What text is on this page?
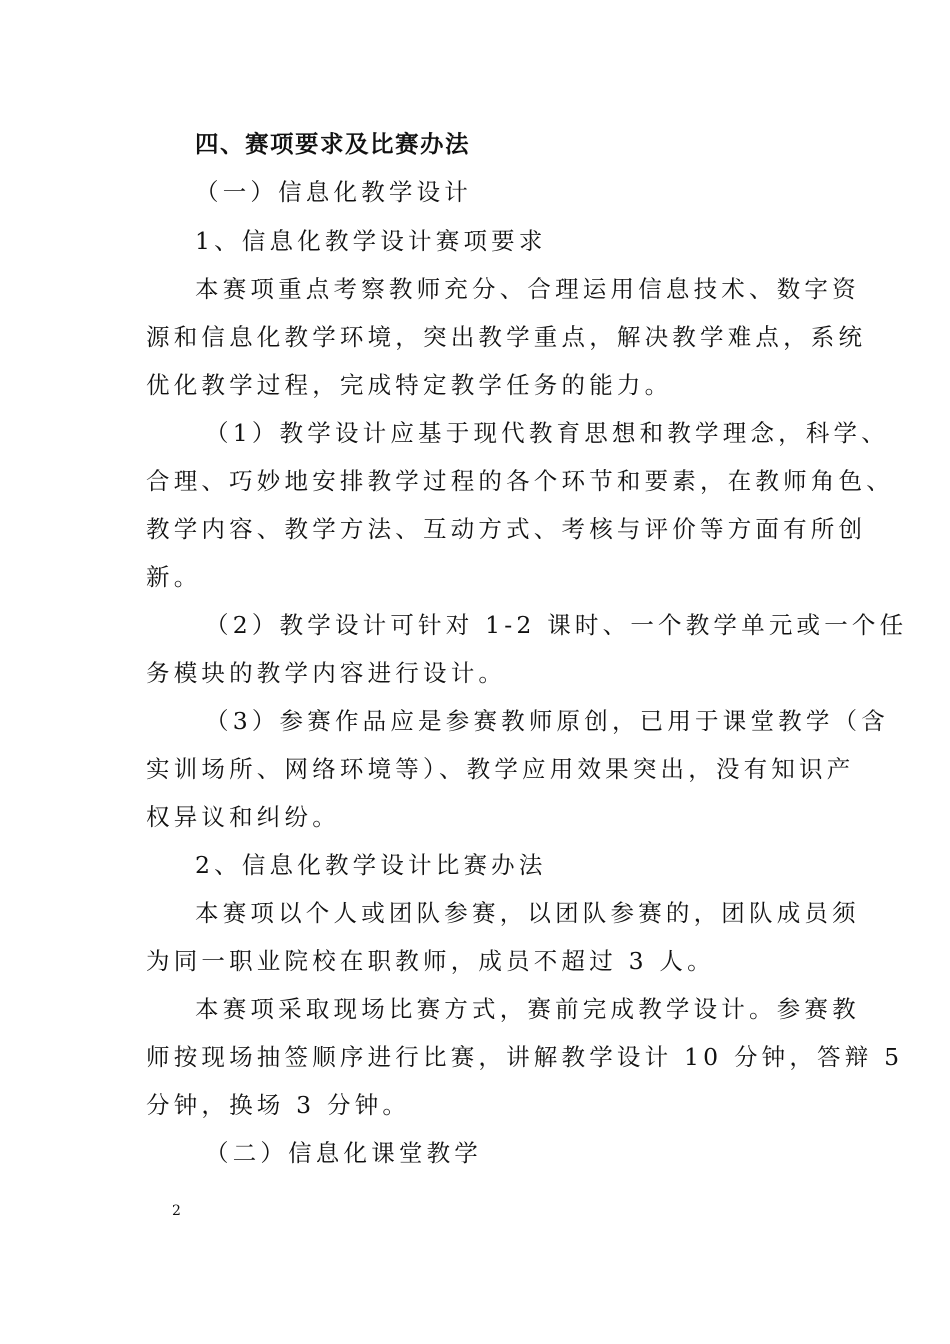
四、赛项要求及比赛办法
（一）信息化教学设计
1、信息化教学设计赛项要求
本赛项重点考察教师充分、合理运用信息技术、数字资
源和信息化教学环境，突出教学重点，解决教学难点，系统
优化教学过程，完成特定教学任务的能力。
（1）教学设计应基于现代教育思想和教学理念，科学、
合理、巧妙地安排教学过程的各个环节和要素，在教师角色、
教学内容、教学方法、互动方式、考核与评价等方面有所创
新。
（2）教学设计可针对 1-2 课时、一个教学单元或一个任
务模块的教学内容进行设计。
（3）参赛作品应是参赛教师原创，已用于课堂教学（含
实训场所、网络环境等）、教学应用效果突出，没有知识产
权异议和纠纷。
2、信息化教学设计比赛办法
本赛项以个人或团队参赛，以团队参赛的，团队成员须
为同一职业院校在职教师，成员不超过 3 人。
本赛项采取现场比赛方式，赛前完成教学设计。参赛教
师按现场抽签顺序进行比赛，讲解教学设计 10 分钟，答辩 5
分钟，换场 3 分钟。
（二）信息化课堂教学
2
